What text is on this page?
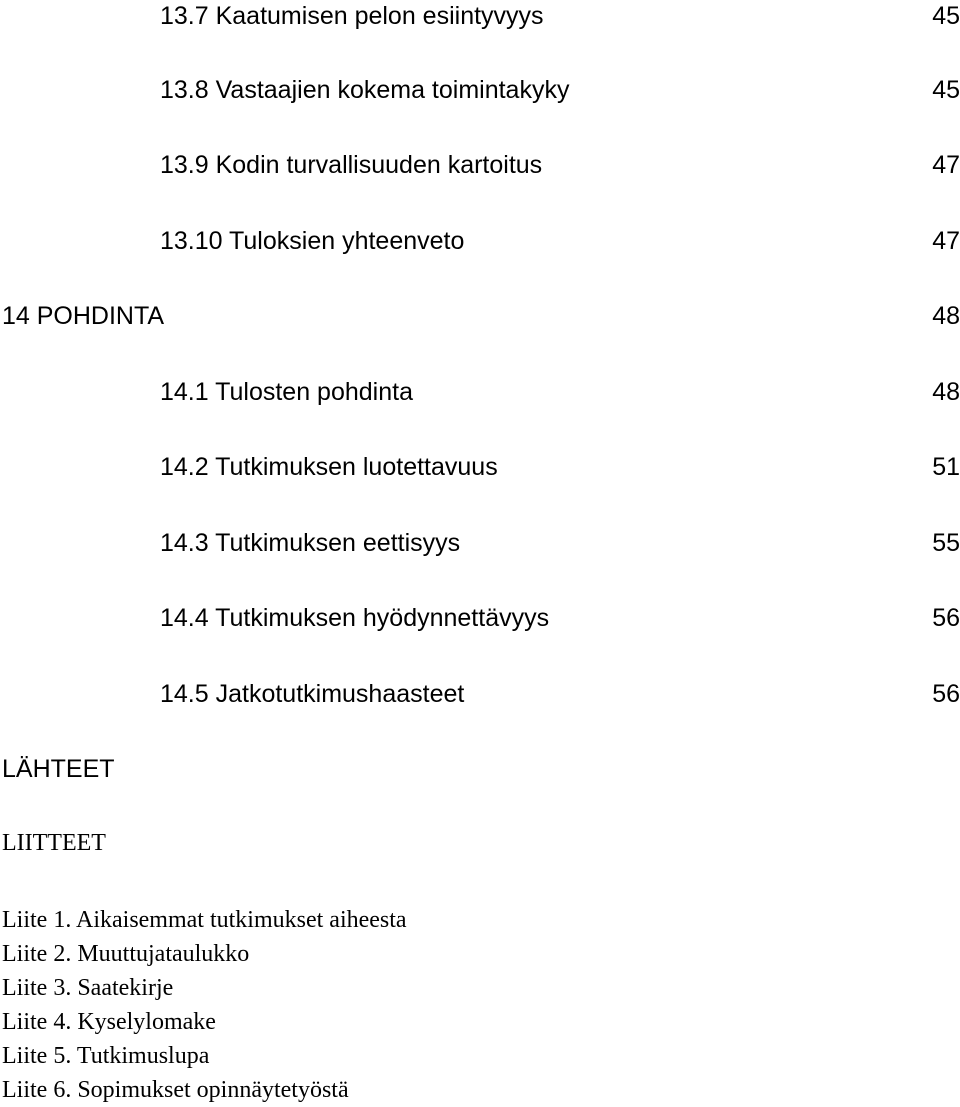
13.7 Kaatumisen pelon esiintyvyys	45
13.8 Vastaajien kokema toimintakyky	45
13.9 Kodin turvallisuuden kartoitus	47
13.10 Tuloksien yhteenveto	47
14 POHDINTA	48
14.1 Tulosten pohdinta	48
14.2 Tutkimuksen luotettavuus	51
14.3 Tutkimuksen eettisyys	55
14.4 Tutkimuksen hyödynnettävyys	56
14.5 Jatkotutkimushaasteet	56
LÄHTEET
LIITTEET
Liite 1. Aikaisemmat tutkimukset aiheesta
Liite 2. Muuttujataulukko
Liite 3. Saatekirje
Liite 4. Kyselylomake
Liite 5. Tutkimuslupa
Liite 6. Sopimukset opinnäytetyöstä
